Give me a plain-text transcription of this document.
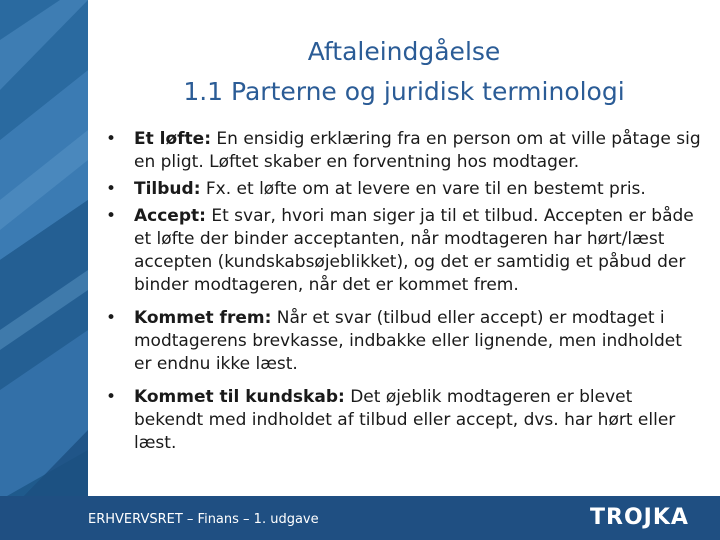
Aftaleindgåelse
1.1 Parterne og juridisk terminologi
• Et løfte: En ensidig erklæring fra en person om at ville påtage sig en pligt. Løftet skaber en forventning hos modtager.
• Tilbud: Fx. et løfte om at levere en vare til en bestemt pris.
• Accept: Et svar, hvori man siger ja til et tilbud. Accepten er både et løfte der binder acceptanten, når modtageren har hørt/læst accepten (kundskabsøjeblikket), og det er samtidig et påbud der binder modtageren, når det er kommet frem.
• Kommet frem: Når et svar (tilbud eller accept) er modtaget i modtagerens brevkasse, indbakke eller lignende, men indholdet er endnu ikke læst.
• Kommet til kundskab: Det øjeblik modtageren er blevet bekendt med indholdet af tilbud eller accept, dvs. har hørt eller læst.
ERHVERVSRET – Finans – 1. udgave	TROJKA
